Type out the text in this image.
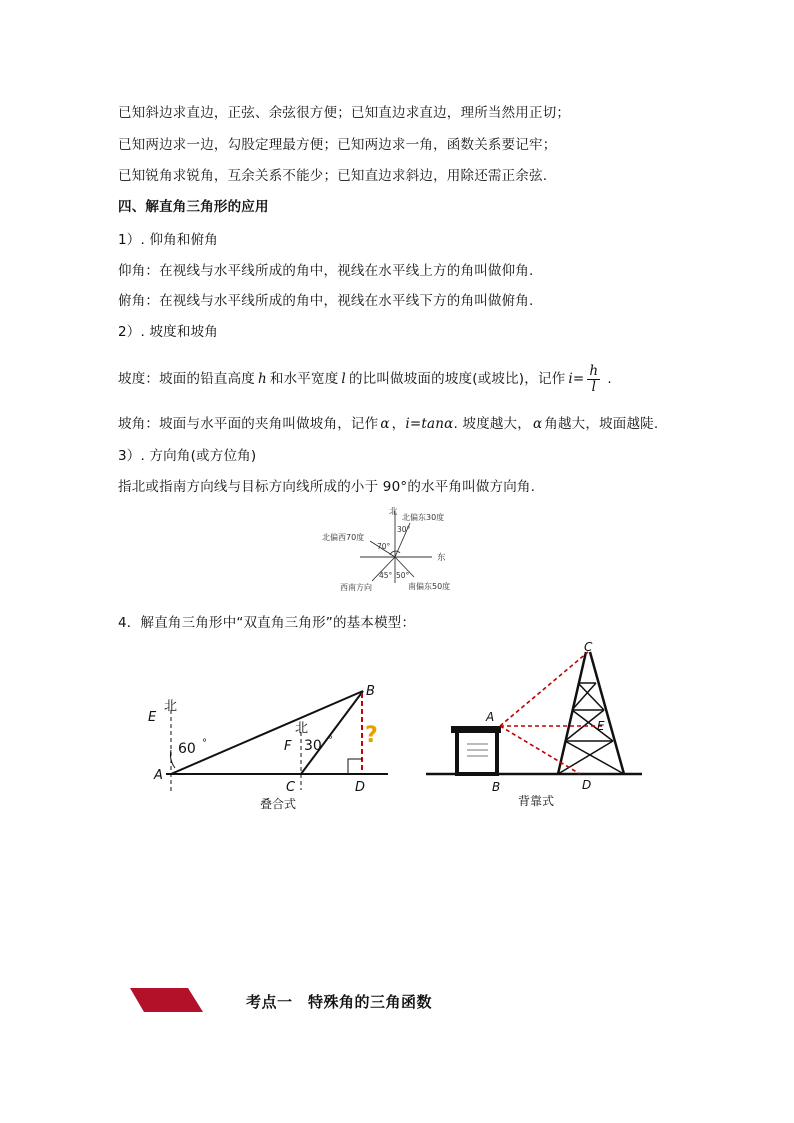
已知斜边求直边，正弦、余弦很方便；已知直边求直边，理所当然用正切；
已知两边求一边，勾股定理最方便；已知两边求一角，函数关系要记牢；
已知锐角求锐角，互余关系不能少；已知直边求斜边，用除还需正余弦.
四、解直角三角形的应用
1）. 仰角和俯角
仰角：在视线与水平线所成的角中，视线在水平线上方的角叫做仰角.
俯角：在视线与水平线所成的角中，视线在水平线下方的角叫做俯角.
2）. 坡度和坡角
坡度：坡面的铅直高度 h 和水平宽度 l 的比叫做坡面的坡度(或坡比)，记作 $i= \frac{h}{l}$ .
坡角：坡面与水平面的夹角叫做坡角，记作 α ，i=tanα. 坡度越大， α 角越大，坡面越陡.
3）. 方向角(或方位角)
指北或指南方向线与目标方向线所成的小于 90°的水平角叫做方向角.
北
北偏东30度
30°
北偏西70度
70°
东
45° 50°
西南方向	南偏东50度
4．解直角三角形中“双直角三角形”的基本模型：
北
北
E
A
B
C	D
F
60 °	30 ° ?
叠合式
A
B
C
D
E
背靠式
考点一　特殊角的三角函数
